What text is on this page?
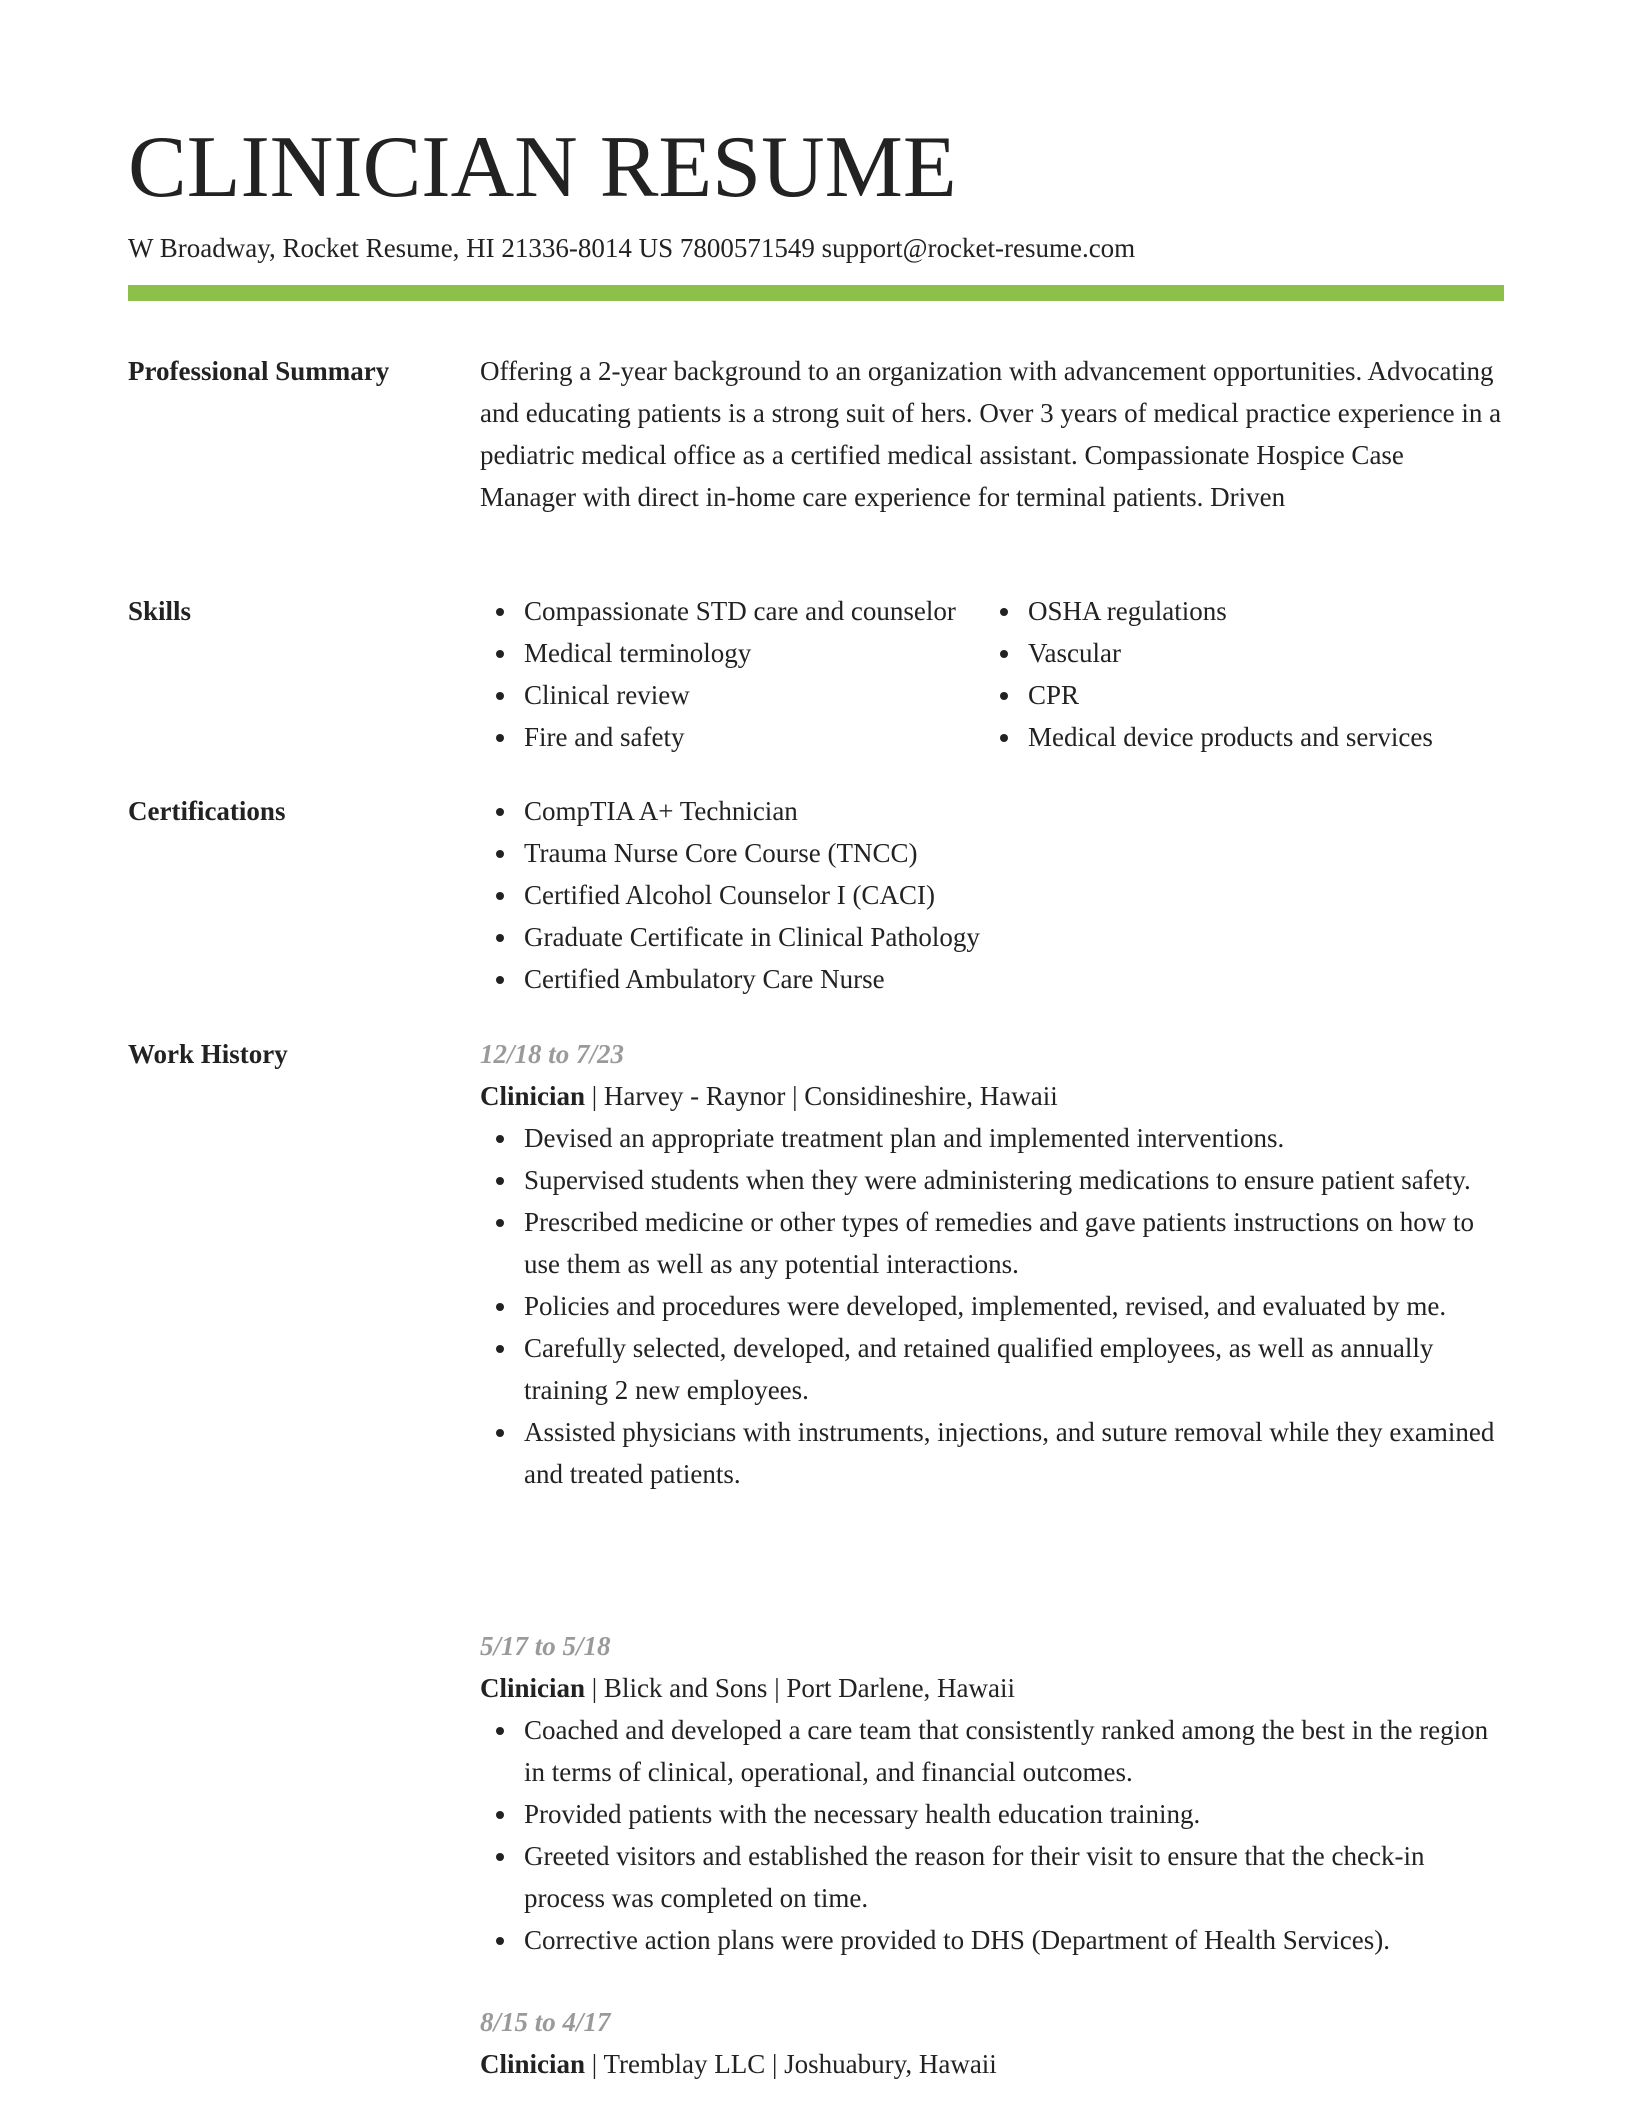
CLINICIAN RESUME
W Broadway, Rocket Resume, HI 21336-8014 US 7800571549 support@rocket-resume.com
Professional Summary	Offering a 2-year background to an organization with advancement opportunities. Advocating and educating patients is a strong suit of hers. Over 3 years of medical practice experience in a pediatric medical office as a certified medical assistant. Compassionate Hospice Case Manager with direct in-home care experience for terminal patients. Driven

Skills	Compassionate STD care and counselor
Medical terminology
Clinical review
Fire and safety
OSHA regulations
Vascular
CPR
Medical device products and services
Certifications	CompTIA A+ Technician
Trauma Nurse Core Course (TNCC)
Certified Alcohol Counselor I (CACI)
Graduate Certificate in Clinical Pathology
Certified Ambulatory Care Nurse
Work History	12/18 to 7/23
Clinician | Harvey - Raynor | Considineshire, Hawaii
Devised an appropriate treatment plan and implemented interventions.
Supervised students when they were administering medications to ensure patient safety.
Prescribed medicine or other types of remedies and gave patients instructions on how to use them as well as any potential interactions.
Policies and procedures were developed, implemented, revised, and evaluated by me.
Carefully selected, developed, and retained qualified employees, as well as annually training 2 new employees.
Assisted physicians with instruments, injections, and suture removal while they examined and treated patients.
5/17 to 5/18
Clinician | Blick and Sons | Port Darlene, Hawaii
Coached and developed a care team that consistently ranked among the best in the region in terms of clinical, operational, and financial outcomes.
Provided patients with the necessary health education training.
Greeted visitors and established the reason for their visit to ensure that the check-in process was completed on time.
Corrective action plans were provided to DHS (Department of Health Services).
8/15 to 4/17
Clinician | Tremblay LLC | Joshuabury, Hawaii
